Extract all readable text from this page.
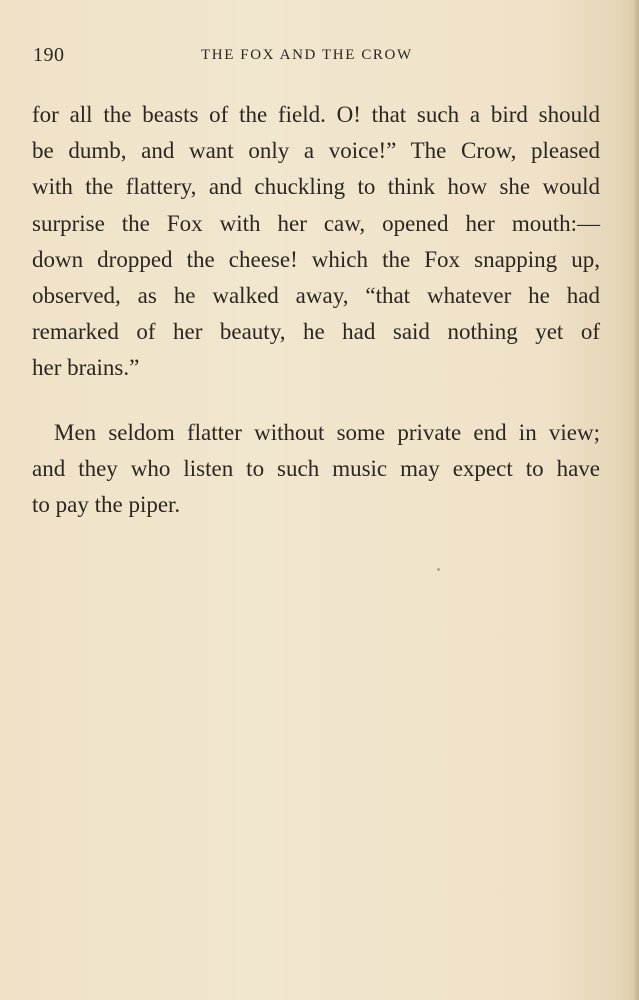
190	THE FOX AND THE CROW
for all the beasts of the field. O! that such a bird should
be dumb, and want only a voice!” The Crow, pleased
with the flattery, and chuckling to think how she would
surprise the Fox with her caw, opened her mouth:—
down dropped the cheese! which the Fox snapping up,
observed, as he walked away, “that whatever he had
remarked of her beauty, he had said nothing yet of
her brains.”
Men seldom flatter without some private end in view;
and they who listen to such music may expect to have
to pay the piper.
